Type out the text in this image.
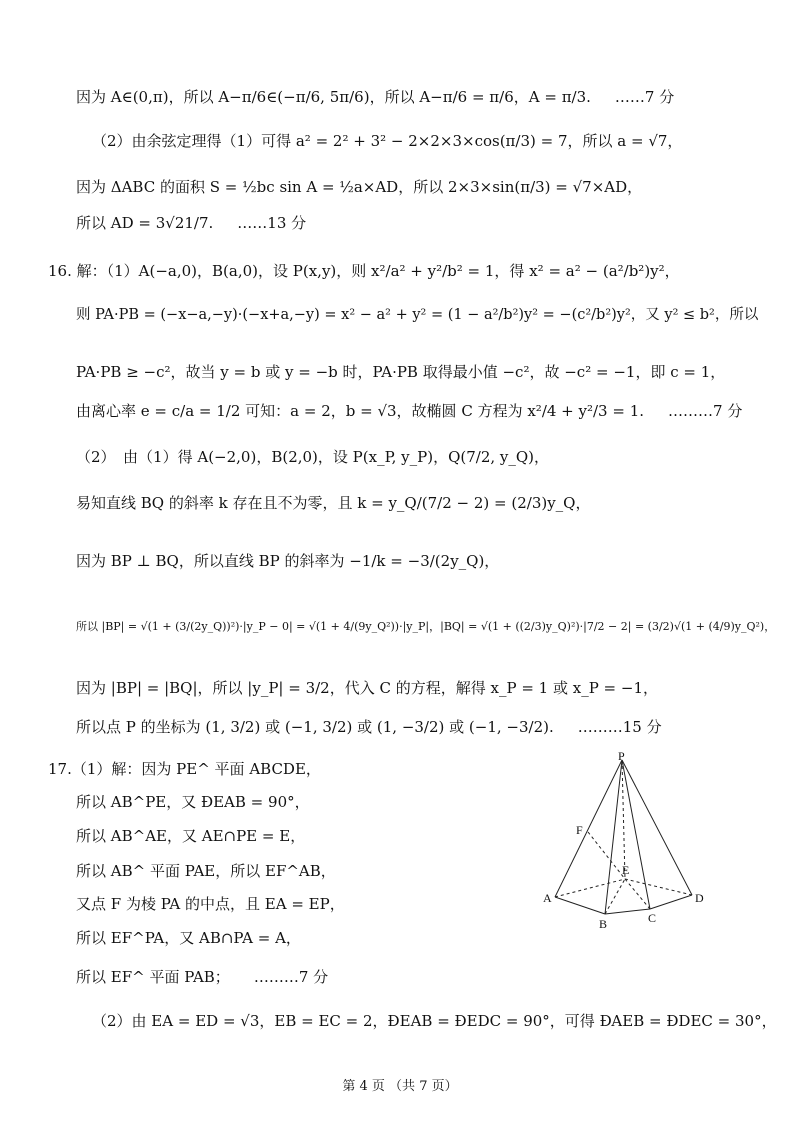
因为 A∈(0,π)，所以 A−π/6∈(−π/6, 5π/6)，所以 A−π/6 = π/6，A = π/3. ……7 分
（2）由余弦定理得（1）可得 a² = 2² + 3² − 2×2×3×cos(π/3) = 7，所以 a = √7，
因为 ΔABC 的面积 S = ½bc sin A = ½a×AD，所以 2×3×sin(π/3) = √7×AD，
所以 AD = 3√21/7. ……13 分
16. 解：（1）A(−a,0)，B(a,0)，设 P(x,y)，则 x²/a² + y²/b² = 1，得 x² = a² − (a²/b²)y²，
则 PA·PB = (−x−a,−y)·(−x+a,−y) = x² − a² + y² = (1 − a²/b²)y² = −(c²/b²)y²，又 y² ≤ b²，所以
PA·PB ≥ −c²，故当 y = b 或 y = −b 时，PA·PB 取得最小值 −c²，故 −c² = −1，即 c = 1，
由离心率 e = c/a = 1/2 可知：a = 2，b = √3，故椭圆 C 方程为 x²/4 + y²/3 = 1. ………7 分
（2）　由（1）得 A(−2,0)，B(2,0)，设 P(x_P, y_P)，Q(7/2, y_Q)，
易知直线 BQ 的斜率 k 存在且不为零，且 k = y_Q/(7/2 − 2) = (2/3)y_Q，
因为 BP ⊥ BQ，所以直线 BP 的斜率为 −1/k = −3/(2y_Q)，
所以 |BP| = √(1 + (3/(2y_Q))²)·|y_P − 0| = √(1 + 4/(9y_Q²))·|y_P|，|BQ| = √(1 + ((2/3)y_Q)²)·|7/2 − 2| = (3/2)√(1 + (4/9)y_Q²)，
因为 |BP| = |BQ|，所以 |y_P| = 3/2，代入 C 的方程，解得 x_P = 1 或 x_P = −1，
所以点 P 的坐标为 (1, 3/2) 或 (−1, 3/2) 或 (1, −3/2) 或 (−1, −3/2). ………15 分
17.（1）解：因为 PE^ 平面 ABCDE，
所以 AB^PE，又 ÐEAB = 90°，
所以 AB^AE，又 AE∩PE = E，
所以 AB^ 平面 PAE，所以 EF^AB，
又点 F 为棱 PA 的中点，且 EA = EP，
所以 EF^PA，又 AB∩PA = A，
所以 EF^ 平面 PAB； ………7 分
（2）由 EA = ED = √3，EB = EC = 2，ÐEAB = ÐEDC = 90°，可得 ÐAEB = ÐDEC = 30°，
P
F
E
A
B	C
D
第 4 页 （共 7 页）
